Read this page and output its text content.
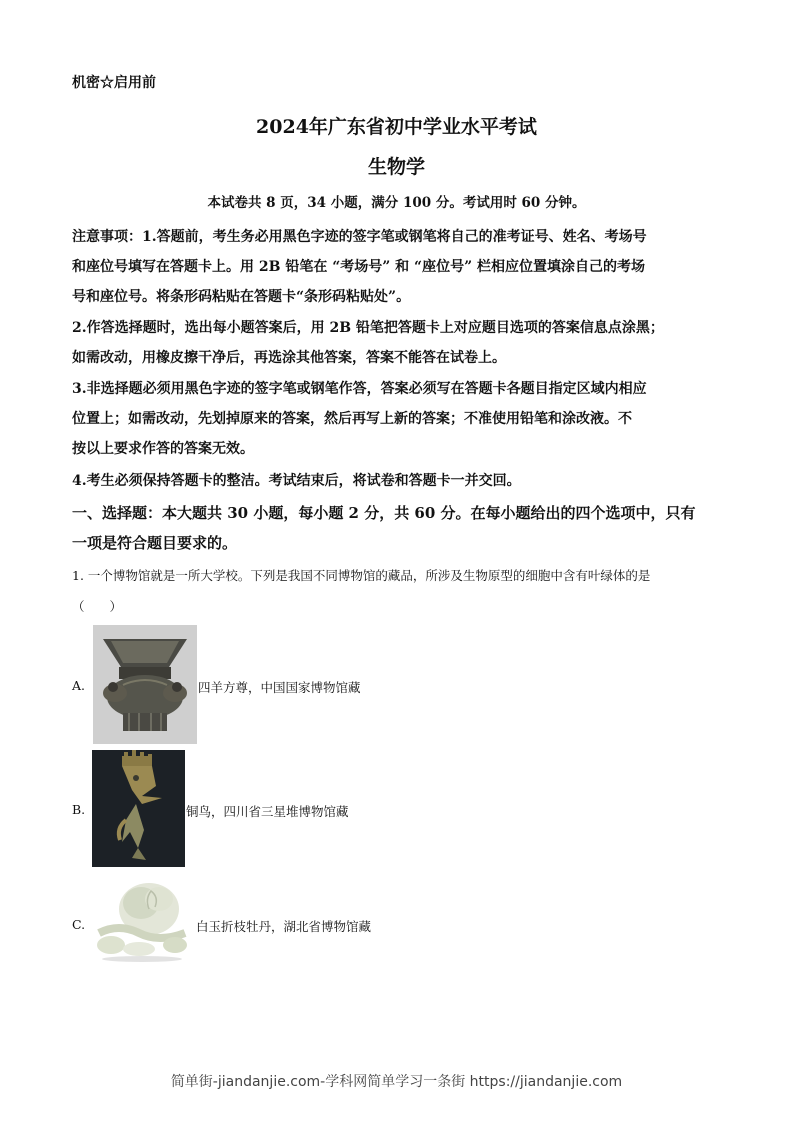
机密☆启用前
2024年广东省初中学业水平考试
生物学
本试卷共 8 页，34 小题，满分 100 分。考试用时 60 分钟。
注意事项：1.答题前，考生务必用黑色字迹的签字笔或钢笔将自己的准考证号、姓名、考场号
和座位号填写在答题卡上。用 2B 铅笔在 “考场号” 和 “座位号” 栏相应位置填涂自己的考场
号和座位号。将条形码粘贴在答题卡“条形码粘贴处”。
2.作答选择题时，选出每小题答案后，用 2B 铅笔把答题卡上对应题目选项的答案信息点涂黑；
如需改动，用橡皮擦干净后，再选涂其他答案，答案不能答在试卷上。
3.非选择题必须用黑色字迹的签字笔或钢笔作答，答案必须写在答题卡各题目指定区域内相应
位置上；如需改动，先划掉原来的答案，然后再写上新的答案；不准使用铅笔和涂改液。不
按以上要求作答的答案无效。
4.考生必须保持答题卡的整洁。考试结束后，将试卷和答题卡一并交回。
一、选择题：本大题共 30 小题，每小题 2 分，共 60 分。在每小题给出的四个选项中，只有
一项是符合题目要求的。
1. 一个博物馆就是一所大学校。下列是我国不同博物馆的藏品，所涉及生物原型的细胞中含有叶绿体的是
（　　）
A.	四羊方尊，中国国家博物馆藏
B.	铜鸟，四川省三星堆博物馆藏
C.	白玉折枝牡丹，湖北省博物馆藏
简单街-jiandanjie.com-学科网简单学习一条街 https://jiandanjie.com
